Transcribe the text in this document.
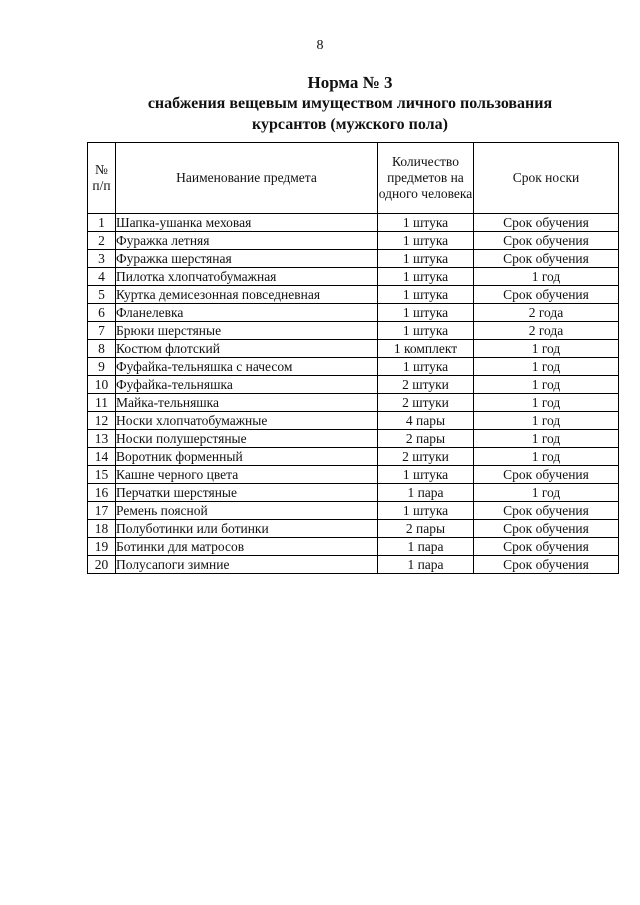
8
Норма № 3
снабжения вещевым имуществом личного пользования
курсантов (мужского пола)
№ п/п	Наименование предмета	Количество предметов на одного человека	Срок носки
1	Шапка-ушанка меховая	1 штука	Срок обучения
2	Фуражка летняя	1 штука	Срок обучения
3	Фуражка шерстяная	1 штука	Срок обучения
4	Пилотка хлопчатобумажная	1 штука	1 год
5	Куртка демисезонная повседневная	1 штука	Срок обучения
6	Фланелевка	1 штука	2 года
7	Брюки шерстяные	1 штука	2 года
8	Костюм флотский	1 комплект	1 год
9	Фуфайка-тельняшка с начесом	1 штука	1 год
10	Фуфайка-тельняшка	2 штуки	1 год
11	Майка-тельняшка	2 штуки	1 год
12	Носки хлопчатобумажные	4 пары	1 год
13	Носки полушерстяные	2 пары	1 год
14	Воротник форменный	2 штуки	1 год
15	Кашне черного цвета	1 штука	Срок обучения
16	Перчатки шерстяные	1 пара	1 год
17	Ремень поясной	1 штука	Срок обучения
18	Полуботинки или ботинки	2 пары	Срок обучения
19	Ботинки для матросов	1 пара	Срок обучения
20	Полусапоги зимние	1 пара	Срок обучения
